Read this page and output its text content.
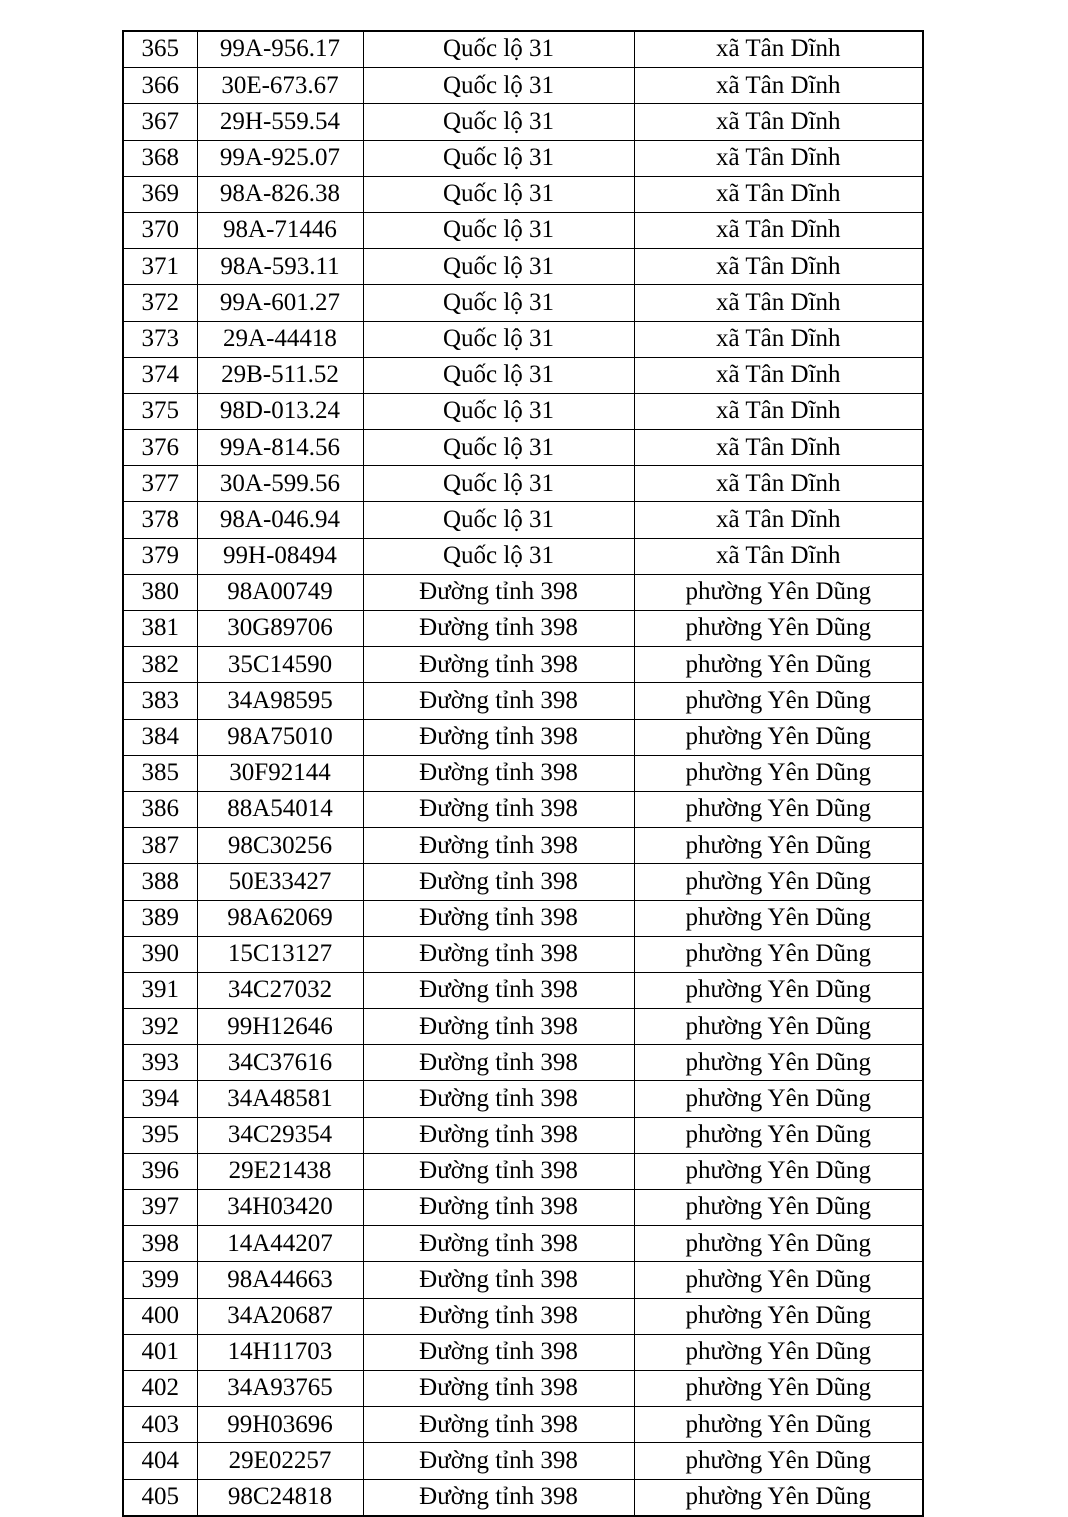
365	99A-956.17	Quốc lộ 31	xã Tân Dĩnh
366	30E-673.67	Quốc lộ 31	xã Tân Dĩnh
367	29H-559.54	Quốc lộ 31	xã Tân Dĩnh
368	99A-925.07	Quốc lộ 31	xã Tân Dĩnh
369	98A-826.38	Quốc lộ 31	xã Tân Dĩnh
370	98A-71446	Quốc lộ 31	xã Tân Dĩnh
371	98A-593.11	Quốc lộ 31	xã Tân Dĩnh
372	99A-601.27	Quốc lộ 31	xã Tân Dĩnh
373	29A-44418	Quốc lộ 31	xã Tân Dĩnh
374	29B-511.52	Quốc lộ 31	xã Tân Dĩnh
375	98D-013.24	Quốc lộ 31	xã Tân Dĩnh
376	99A-814.56	Quốc lộ 31	xã Tân Dĩnh
377	30A-599.56	Quốc lộ 31	xã Tân Dĩnh
378	98A-046.94	Quốc lộ 31	xã Tân Dĩnh
379	99H-08494	Quốc lộ 31	xã Tân Dĩnh
380	98A00749	Đường tỉnh 398	phường Yên Dũng
381	30G89706	Đường tỉnh 398	phường Yên Dũng
382	35C14590	Đường tỉnh 398	phường Yên Dũng
383	34A98595	Đường tỉnh 398	phường Yên Dũng
384	98A75010	Đường tỉnh 398	phường Yên Dũng
385	30F92144	Đường tỉnh 398	phường Yên Dũng
386	88A54014	Đường tỉnh 398	phường Yên Dũng
387	98C30256	Đường tỉnh 398	phường Yên Dũng
388	50E33427	Đường tỉnh 398	phường Yên Dũng
389	98A62069	Đường tỉnh 398	phường Yên Dũng
390	15C13127	Đường tỉnh 398	phường Yên Dũng
391	34C27032	Đường tỉnh 398	phường Yên Dũng
392	99H12646	Đường tỉnh 398	phường Yên Dũng
393	34C37616	Đường tỉnh 398	phường Yên Dũng
394	34A48581	Đường tỉnh 398	phường Yên Dũng
395	34C29354	Đường tỉnh 398	phường Yên Dũng
396	29E21438	Đường tỉnh 398	phường Yên Dũng
397	34H03420	Đường tỉnh 398	phường Yên Dũng
398	14A44207	Đường tỉnh 398	phường Yên Dũng
399	98A44663	Đường tỉnh 398	phường Yên Dũng
400	34A20687	Đường tỉnh 398	phường Yên Dũng
401	14H11703	Đường tỉnh 398	phường Yên Dũng
402	34A93765	Đường tỉnh 398	phường Yên Dũng
403	99H03696	Đường tỉnh 398	phường Yên Dũng
404	29E02257	Đường tỉnh 398	phường Yên Dũng
405	98C24818	Đường tỉnh 398	phường Yên Dũng
